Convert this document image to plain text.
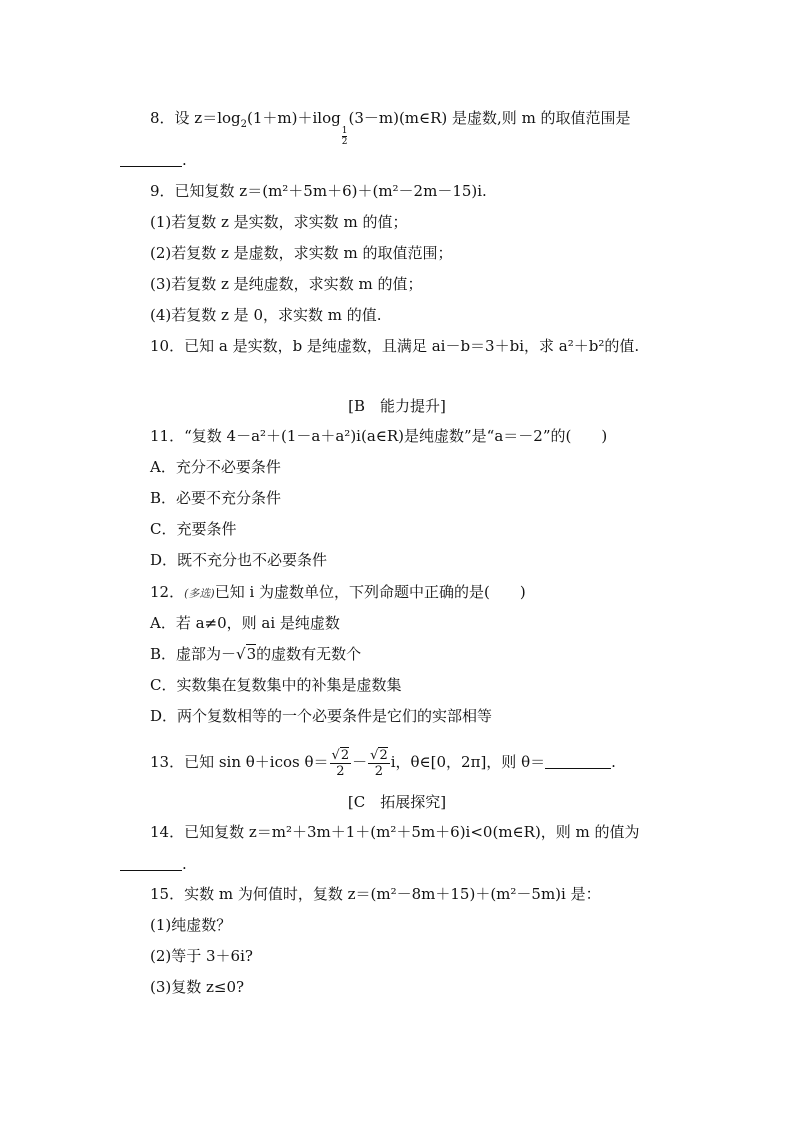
8．设 $z=\log_2(1+m)+ilog$
$\frac{1}{2}$
(3－m)(m∈R) 是虚数,则 m 的取值范围是
.
9．已知复数 z＝(m²＋5m＋6)＋(m²－2m－15)i.
(1)若复数 z 是实数，求实数 m 的值；
(2)若复数 z 是虚数，求实数 m 的取值范围；
(3)若复数 z 是纯虚数，求实数 m 的值；
(4)若复数 z 是 0，求实数 m 的值.
10．已知 a 是实数，b 是纯虚数，且满足 ai－b＝3＋bi，求 a²＋b²的值.
[B　能力提升]
11．“复数 4－a²＋(1－a＋a²)i(a∈R)是纯虚数”是“a＝－2”的(　　)
A．充分不必要条件
B．必要不充分条件
C．充要条件
D．既不充分也不必要条件
12．(多选)已知 i 为虚数单位，下列命题中正确的是(　　)
A．若 a≠0，则 ai 是纯虚数
B．虚部为－√3的虚数有无数个
C．实数集在复数集中的补集是虚数集
D．两个复数相等的一个必要条件是它们的实部相等
13．已知 sin θ＋icos $\theta= \frac{√2}{2} - \frac{√2}{2}$ i，θ∈[0，2π]，则 θ＝	.
[C　拓展探究]
14．已知复数 z＝m²＋3m＋1＋(m²＋5m＋6)i<0(m∈R)，则 m 的值为
.
15．实数 m 为何值时，复数 z＝(m²－8m＋15)＋(m²－5m)i 是：
(1)纯虚数？
(2)等于 3＋6i?
(3)复数 z≤0?
